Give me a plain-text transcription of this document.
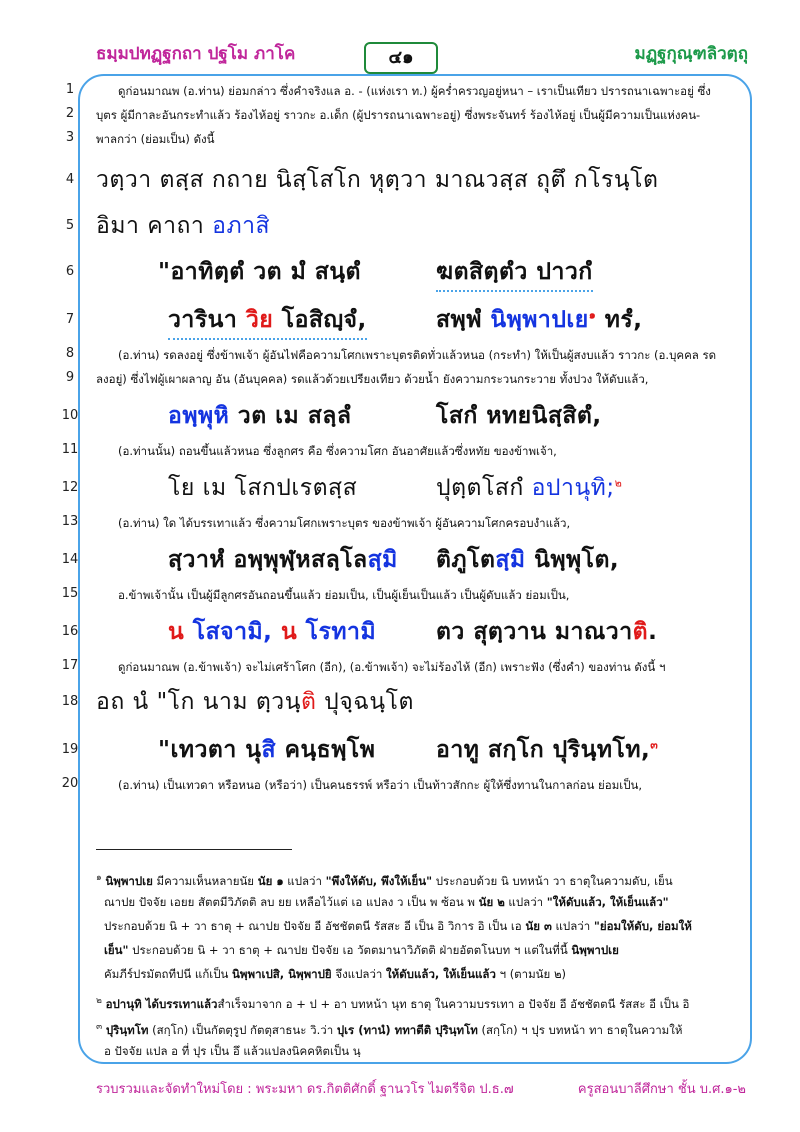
ธมฺมปทฏฺฐกถา ปฐโม ภาโค	๔๑	มฏฺฐกุณฺฑลิวตฺถุ
1
2
3
4
5
6
7
8
9
10
11
12
13
14
15
16
17
18
19
20
ดูก่อนมาณพ (อ.ท่าน) ย่อมกล่าว ซึ่งคำจริงแล อ. - (แห่งเรา ท.) ผู้คร่ำครวญอยู่หนา – เราเป็นเทียว ปรารถนาเฉพาะอยู่ ซึ่ง
บุตร ผู้มีกาละอันกระทำแล้ว ร้องไห้อยู่ ราวกะ อ.เด็ก (ผู้ปรารถนาเฉพาะอยู่) ซึ่งพระจันทร์ ร้องไห้อยู่ เป็นผู้มีความเป็นแห่งคน-
พาลกว่า (ย่อมเป็น) ดังนี้
วตฺวา ตสฺส กถาย นิสฺโสโก หุตฺวา มาณวสฺส ถุตึ กโรนฺโต
อิมา คาถา อภาสิ
"อาทิตฺตํ วต มํ สนฺตํ	ฆตสิตฺตํว ปาวกํ
วารินา วิย โอสิญฺจํ,	สพฺพํ นิพฺพาปเย$^๑$ ทรํ,
(อ.ท่าน) รดลงอยู่ ซึ่งข้าพเจ้า ผู้อันไฟคือความโศกเพราะบุตรติดทั่วแล้วหนอ (กระทำ) ให้เป็นผู้สงบแล้ว ราวกะ (อ.บุคคล รด
ลงอยู่) ซึ่งไฟผู้เผาผลาญ อัน (อันบุคคล) รดแล้วด้วยเปรียงเทียว ด้วยน้ำ ยังความกระวนกระวาย ทั้งปวง ให้ดับแล้ว,
อพฺพุหิ วต เม สลฺลํ	โสกํ หทยนิสฺสิตํ,
(อ.ท่านนั้น) ถอนขึ้นแล้วหนอ ซึ่งลูกศร คือ ซึ่งความโศก อันอาศัยแล้วซึ่งหทัย ของข้าพเจ้า,
โย เม โสกปเรตสฺส	ปุตฺตโสกํ อปานุทิ;$^๒$
(อ.ท่าน) ใด ได้บรรเทาแล้ว ซึ่งความโศกเพราะบุตร ของข้าพเจ้า ผู้อันความโศกครอบงำแล้ว,
สฺวาหํ อพฺพุฬฺหสลฺโลสฺมิ ติภูโตสฺมิ นิพฺพุโต,
อ.ข้าพเจ้านั้น เป็นผู้มีลูกศรอันถอนขึ้นแล้ว ย่อมเป็น, เป็นผู้เย็นเป็นแล้ว เป็นผู้ดับแล้ว ย่อมเป็น,
น โสจามิ, น โรทามิ	ตว สุตฺวาน มาณวาติ.
ดูก่อนมาณพ (อ.ข้าพเจ้า) จะไม่เศร้าโศก (อีก), (อ.ข้าพเจ้า) จะไม่ร้องไห้ (อีก) เพราะฟัง (ซึ่งคำ) ของท่าน ดังนี้ ฯ
อถ นํ "โก นาม ตฺวนฺติ ปุจฺฉนฺโต
"เทวตา นุสิ คนฺธพฺโพ	อาทู สกฺโก ปุรินฺทโท,$^๓$
(อ.ท่าน) เป็นเทวดา หรือหนอ (หรือว่า) เป็นคนธรรพ์ หรือว่า เป็นท้าวสักกะ ผู้ให้ซึ่งทานในกาลก่อน ย่อมเป็น,
$^๑$ นิพฺพาปเย มีความเห็นหลายนัย นัย ๑ แปลว่า "พึงให้ดับ, พึงให้เย็น" ประกอบด้วย นิ บทหน้า วา ธาตุในความดับ, เย็น
ณาปย ปัจจัย เอยย สัตตมีวิภัตติ ลบ ยย เหลือไว้แต่ เอ แปลง ว เป็น พ ซ้อน พ นัย ๒ แปลว่า "ให้ดับแล้ว, ให้เย็นแล้ว"
ประกอบด้วย นิ + วา ธาตุ + ณาปย ปัจจัย อี อัชชัตตนี รัสสะ อี เป็น อิ วิการ อิ เป็น เอ นัย ๓ แปลว่า "ย่อมให้ดับ, ย่อมให้
เย็น" ประกอบด้วย นิ + วา ธาตุ + ณาปย ปัจจัย เอ วัตตมานาวิภัตติ ฝ่ายอัตตโนบท ฯ แต่ในที่นี้ นิพฺพาปเย
คัมภีร์ปรมัตถทีปนี แก้เป็น นิพฺพาเปสิ, นิพฺพาปยิ จึงแปลว่า ให้ดับแล้ว, ให้เย็นแล้ว ฯ (ตามนัย ๒)
$^๒$ อปานุทิ ได้บรรเทาแล้วสำเร็จมาจาก อ + ป + อา บทหน้า นุท ธาตุ ในความบรรเทา อ ปัจจัย อี อัชชัตตนี รัสสะ อี เป็น อิ
$^๓$ ปุรินฺทโท (สกฺโก) เป็นกัตตุรูป กัตตุสาธนะ วิ.ว่า ปุเร (ทานํ) ททาตีติ ปุรินฺทโท (สกฺโก) ฯ ปุร บทหน้า ทา ธาตุในความให้
อ ปัจจัย แปล อ ที่ ปุร เป็น อึ แล้วแปลงนิคคหิตเป็น นฺ
รวบรวมและจัดทำใหม่โดย : พระมหา ดร.กิตติศักดิ์ ฐานวโร ไมตรีจิต ป.ธ.๗	ครูสอนบาลีศึกษา ชั้น บ.ศ.๑-๒
